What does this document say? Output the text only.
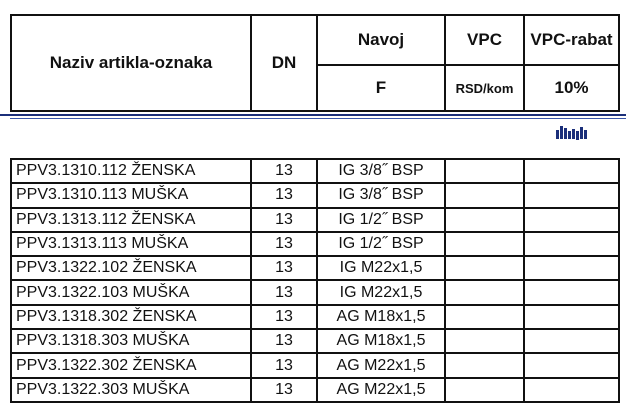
Naziv artikla-oznaka	DN	Navoj	VPC	VPC-rabat
		F	RSD/kom	10%
PPV3.1310.112 ŽENSKA	13	IG 3/8˝ BSP		
PPV3.1310.113 MUŠKA	13	IG 3/8˝ BSP		
PPV3.1313.112 ŽENSKA	13	IG 1/2˝ BSP		
PPV3.1313.113 MUŠKA	13	IG 1/2˝ BSP		
PPV3.1322.102 ŽENSKA	13	IG M22x1,5		
PPV3.1322.103 MUŠKA	13	IG M22x1,5		
PPV3.1318.302 ŽENSKA	13	AG M18x1,5		
PPV3.1318.303 MUŠKA	13	AG M18x1,5		
PPV3.1322.302 ŽENSKA	13	AG M22x1,5		
PPV3.1322.303 MUŠKA	13	AG M22x1,5		
